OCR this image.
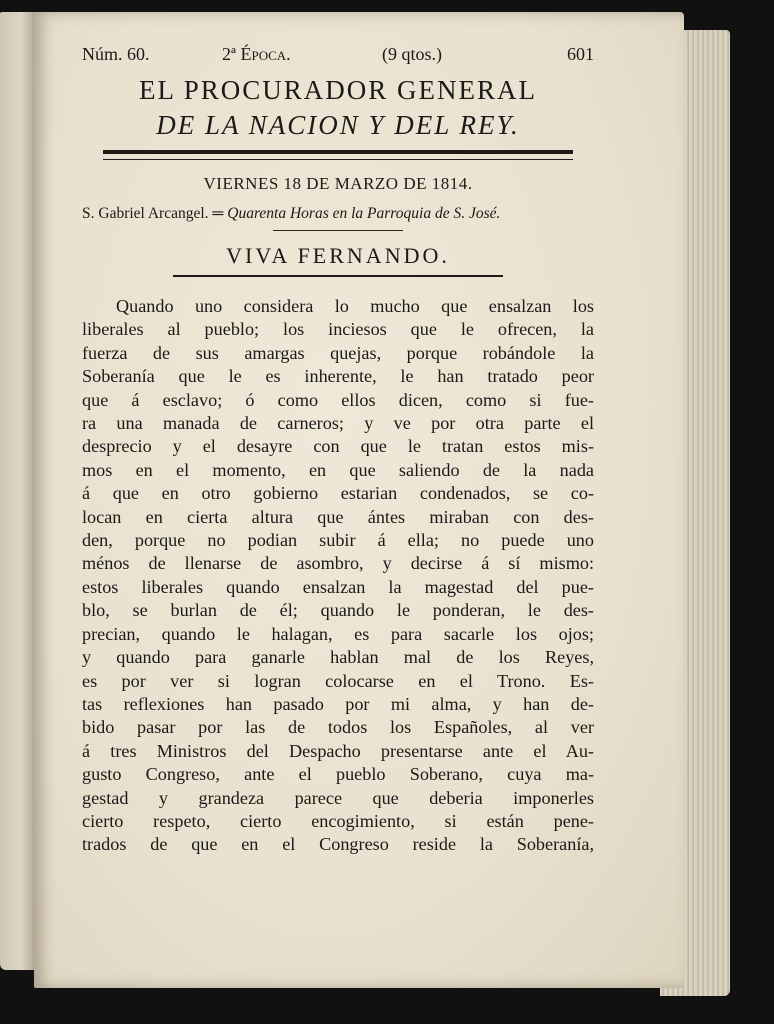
Núm. 60.	2ª Época.	(9 qtos.)	601
EL PROCURADOR GENERAL
DE LA NACION Y DEL REY.
VIERNES 18 DE MARZO DE 1814.
S. Gabriel Arcangel. ═ Quarenta Horas en la Parroquia de S. José.
VIVA FERNANDO.
Quando uno considera lo mucho que ensalzan los
liberales al pueblo; los inciesos que le ofrecen, la
fuerza de sus amargas quejas, porque robándole la
Soberanía que le es inherente, le han tratado peor
que á esclavo; ó como ellos dicen, como si fue-
ra una manada de carneros; y ve por otra parte el
desprecio y el desayre con que le tratan estos mis-
mos en el momento, en que saliendo de la nada
á que en otro gobierno estarian condenados, se co-
locan en cierta altura que ántes miraban con des-
den, porque no podian subir á ella; no puede uno
ménos de llenarse de asombro, y decirse á sí mismo:
estos liberales quando ensalzan la magestad del pue-
blo, se burlan de él; quando le ponderan, le des-
precian, quando le halagan, es para sacarle los ojos;
y quando para ganarle hablan mal de los Reyes,
es por ver si logran colocarse en el Trono. Es-
tas reflexiones han pasado por mi alma, y han de-
bido pasar por las de todos los Españoles, al ver
á tres Ministros del Despacho presentarse ante el Au-
gusto Congreso, ante el pueblo Soberano, cuya ma-
gestad y grandeza parece que deberia imponerles
cierto respeto, cierto encogimiento, si están pene-
trados de que en el Congreso reside la Soberanía,
